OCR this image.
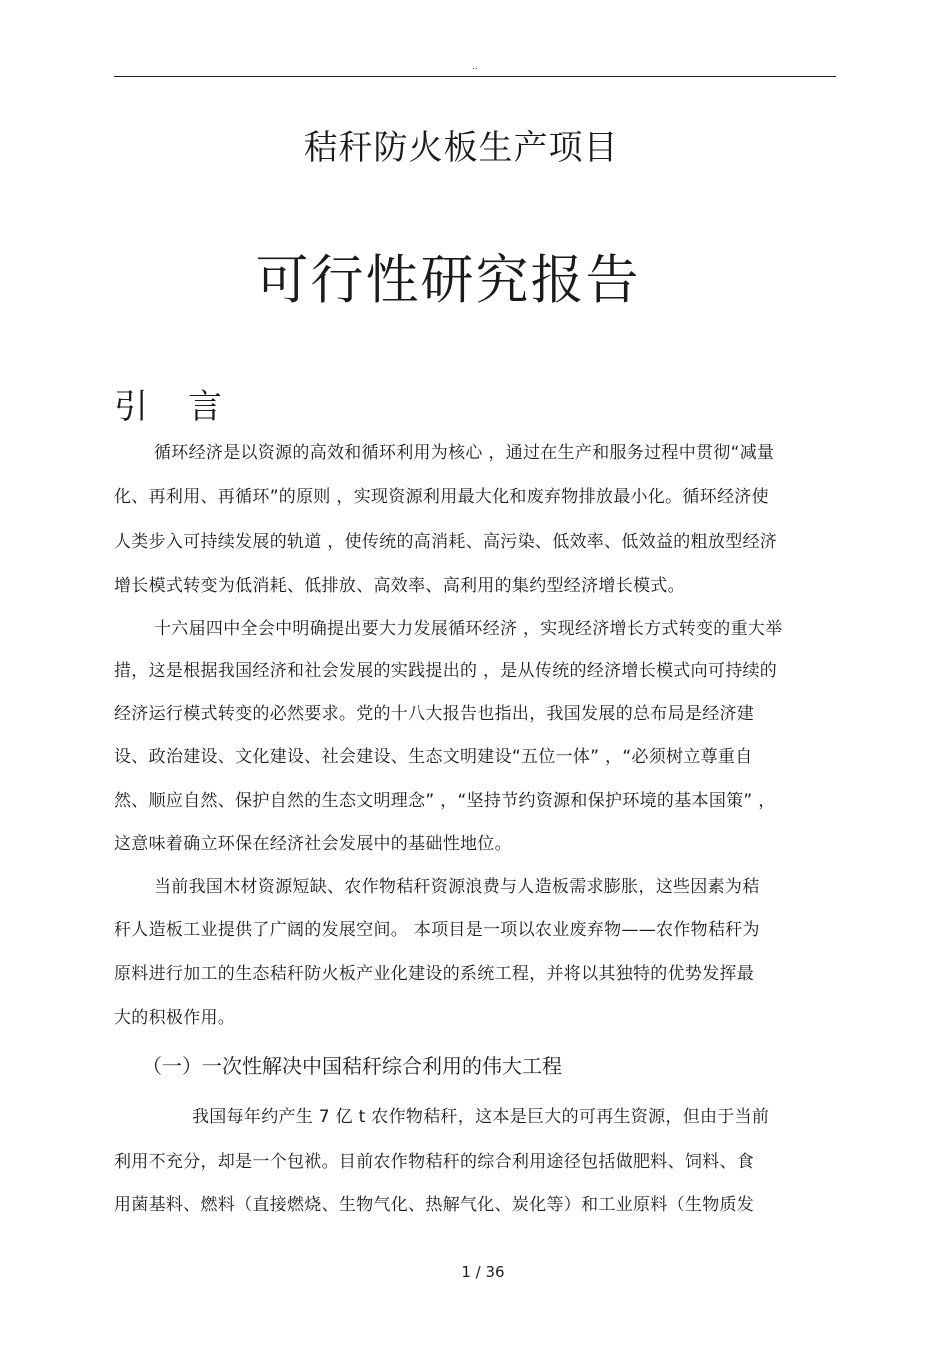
..
秸秆防火板生产项目
可行性研究报告
引 言
循环经济是以资源的高效和循环利用为核心 ，通过在生产和服务过程中贯彻“减量
化、再利用、再循环”的原则 ，实现资源利用最大化和废弃物排放最小化。循环经济使
人类步入可持续发展的轨道 ，使传统的高消耗、高污染、低效率、低效益的粗放型经济
增长模式转变为低消耗、低排放、高效率、高利用的集约型经济增长模式。
十六届四中全会中明确提出要大力发展循环经济 ，实现经济增长方式转变的重大举
措，这是根据我国经济和社会发展的实践提出的 ，是从传统的经济增长模式向可持续的
经济运行模式转变的必然要求。党的十八大报告也指出，我国发展的总布局是经济建
设、政治建设、文化建设、社会建设、生态文明建设“五位一体” ，“必须树立尊重自
然、顺应自然、保护自然的生态文明理念” ，“坚持节约资源和保护环境的基本国策” ，
这意味着确立环保在经济社会发展中的基础性地位。
当前我国木材资源短缺、农作物秸秆资源浪费与人造板需求膨胀，这些因素为秸
秆人造板工业提供了广阔的发展空间。 本项目是一项以农业废弃物——农作物秸秆为
原料进行加工的生态秸秆防火板产业化建设的系统工程，并将以其独特的优势发挥最
大的积极作用。
（一）一次性解决中国秸秆综合利用的伟大工程
我国每年约产生 7 亿 t 农作物秸秆，这本是巨大的可再生资源，但由于当前
利用不充分，却是一个包袱。目前农作物秸秆的综合利用途径包括做肥料、饲料、食
用菌基料、燃料（直接燃烧、生物气化、热解气化、炭化等）和工业原料（生物质发
1 / 36
